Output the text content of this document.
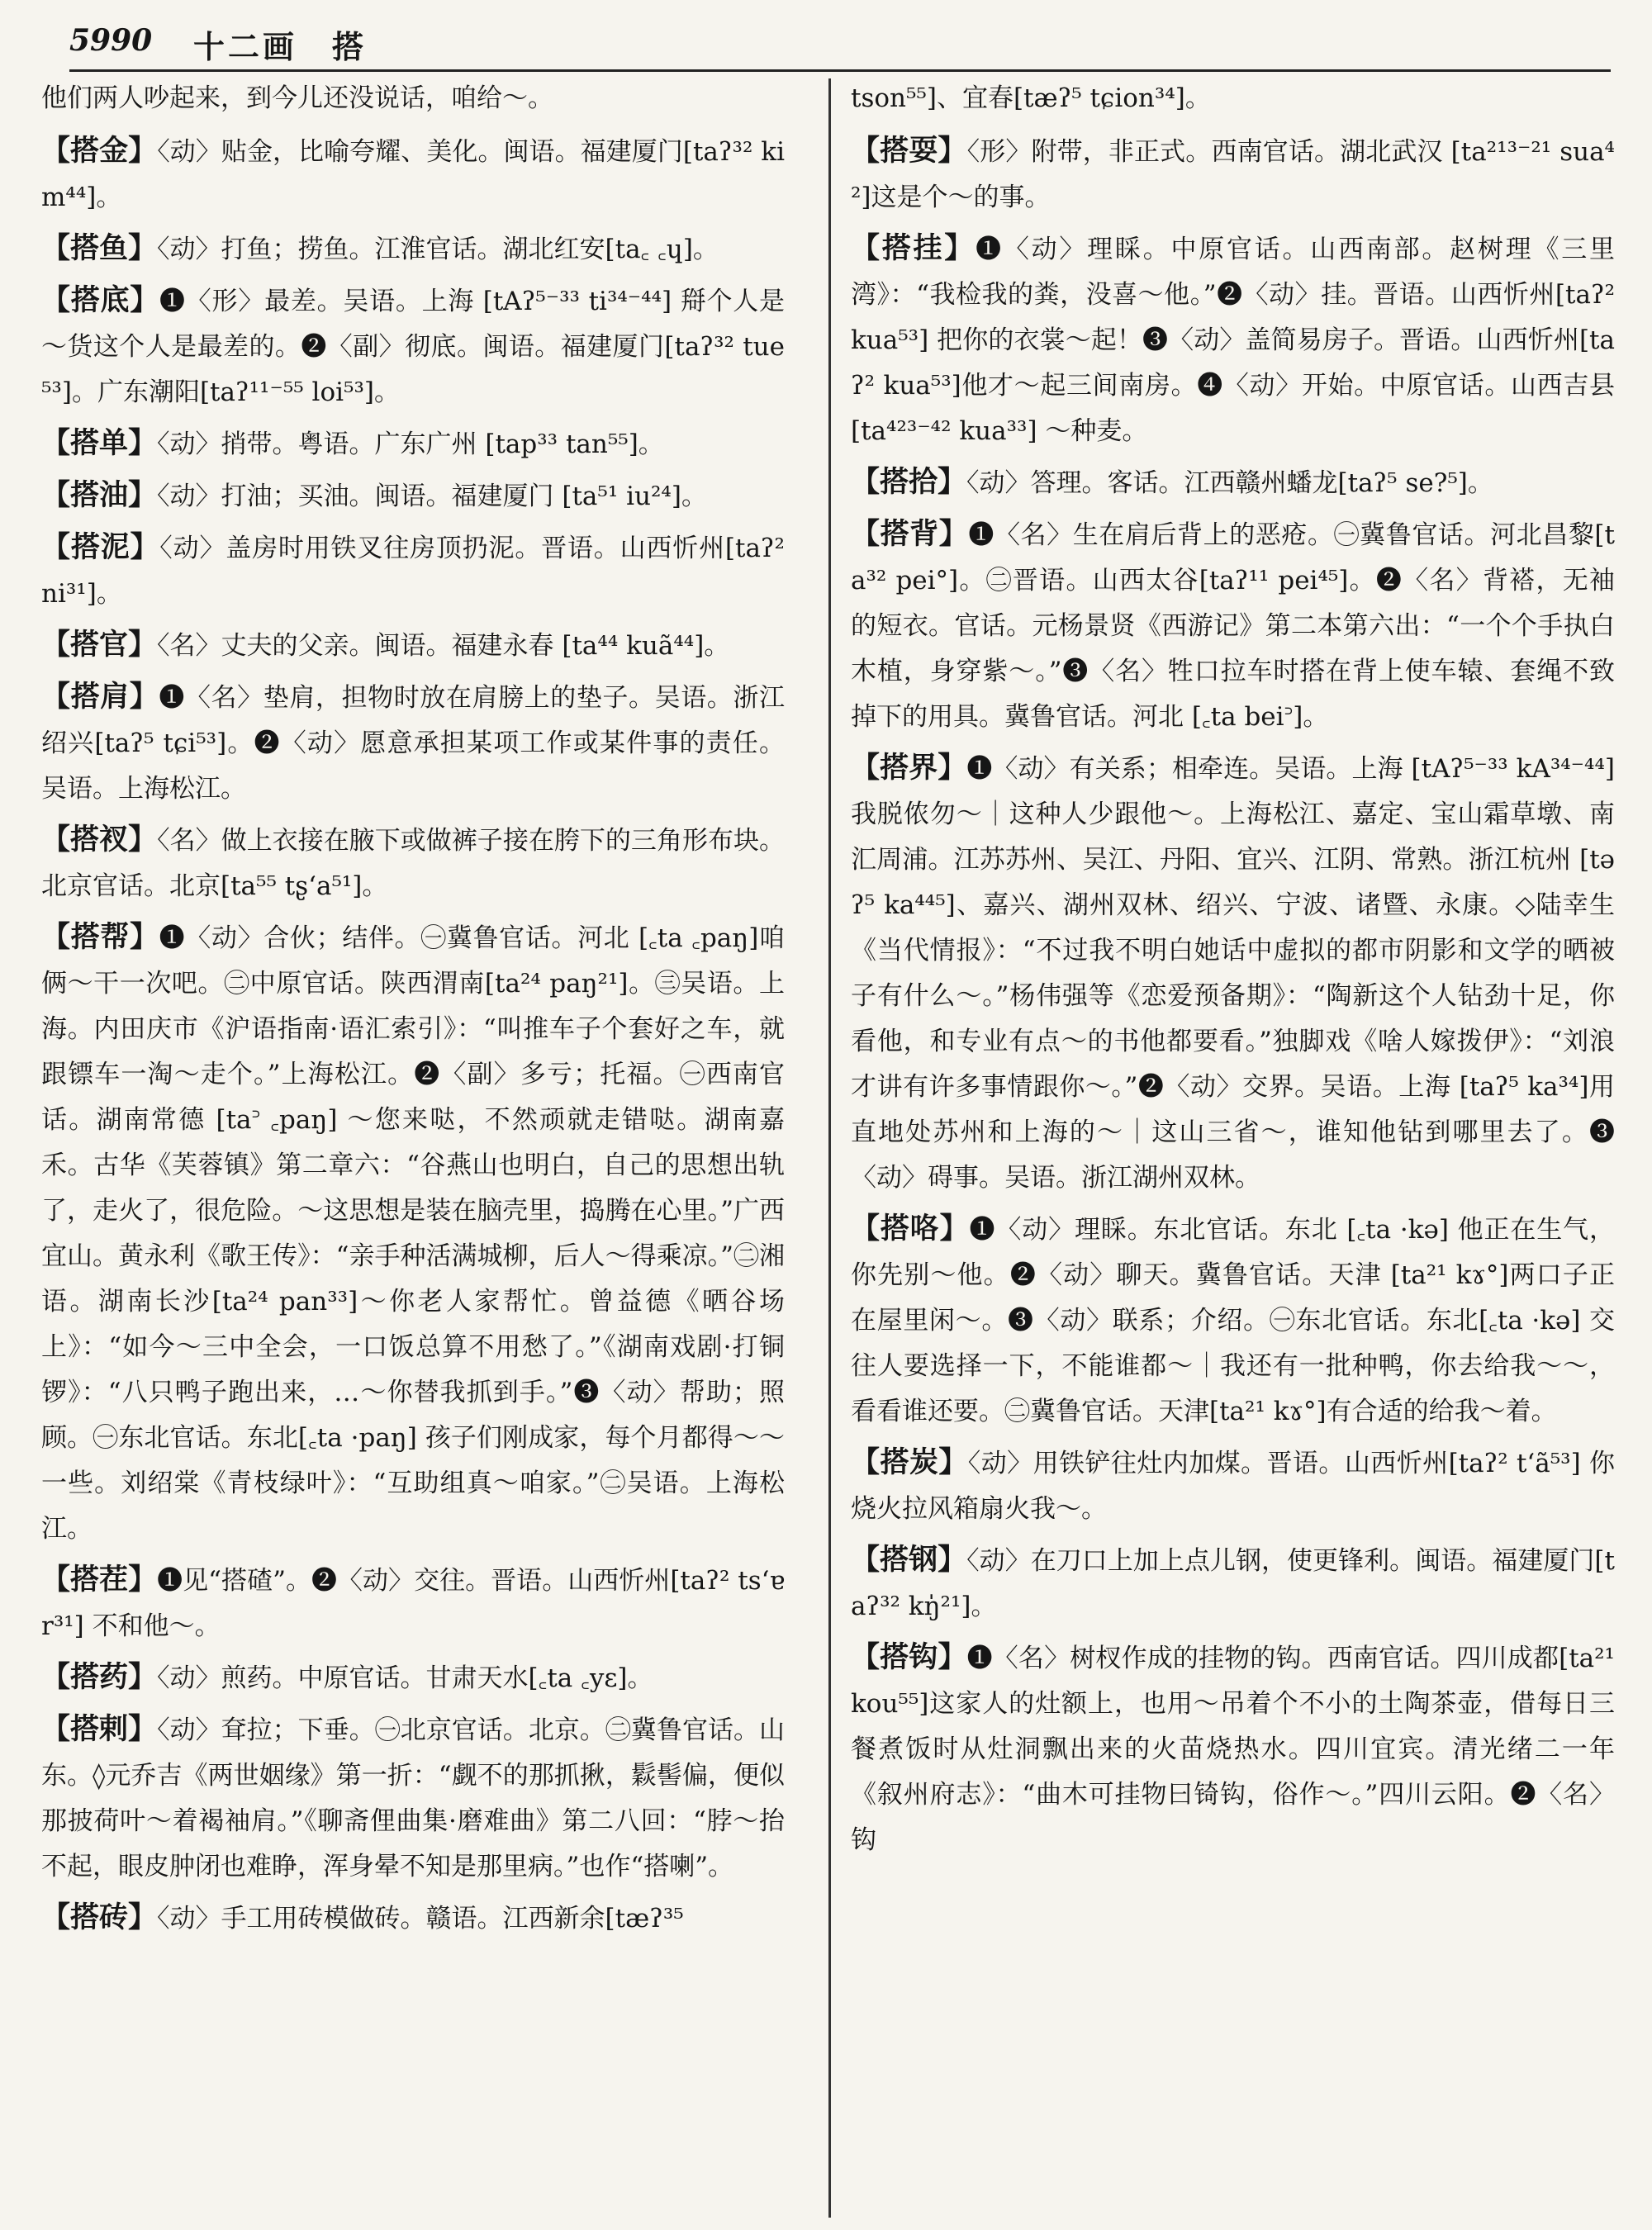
5990 十二画　搭
他们两人吵起来，到今儿还没说话，咱给～。
【搭金】〈动〉贴金，比喻夸耀、美化。闽语。福建厦门[taʔ³² kim⁴⁴]。
【搭鱼】〈动〉打鱼；捞鱼。江淮官话。湖北红安[ta꜀ ꜀ɥ]。
【搭底】❶〈形〉最差。吴语。上海 [tAʔ⁵⁻³³ ti³⁴⁻⁴⁴] 搿个人是～货这个人是最差的。❷〈副〉彻底。闽语。福建厦门[taʔ³² tue⁵³]。广东潮阳[taʔ¹¹⁻⁵⁵ loi⁵³]。
【搭单】〈动〉捎带。粤语。广东广州 [tap³³ tan⁵⁵]。
【搭油】〈动〉打油；买油。闽语。福建厦门 [ta⁵¹ iu²⁴]。
【搭泥】〈动〉盖房时用铁叉往房顶扔泥。晋语。山西忻州[taʔ² ni³¹]。
【搭官】〈名〉丈夫的父亲。闽语。福建永春 [ta⁴⁴ kuã⁴⁴]。
【搭肩】❶〈名〉垫肩，担物时放在肩膀上的垫子。吴语。浙江绍兴[taʔ⁵ tɕi⁵³]。❷〈动〉愿意承担某项工作或某件事的责任。吴语。上海松江。
【搭衩】〈名〉做上衣接在腋下或做裤子接在胯下的三角形布块。北京官话。北京[ta⁵⁵ tʂʻa⁵¹]。
【搭帮】❶〈动〉合伙；结伴。㊀冀鲁官话。河北 [꜀ta ꜀paŋ]咱俩～干一次吧。㊁中原官话。陕西渭南[ta²⁴ paŋ²¹]。㊂吴语。上海。内田庆市《沪语指南·语汇索引》：“叫推车子个套好之车，就跟镖车一淘～走个。”上海松江。❷〈副〉多亏；托福。㊀西南官话。湖南常德 [ta꜄ ꜀paŋ] ～您来哒，不然顽就走错哒。湖南嘉禾。古华《芙蓉镇》第二章六：“谷燕山也明白，自己的思想出轨了，走火了，很危险。～这思想是装在脑壳里，捣腾在心里。”广西宜山。黄永利《歌王传》：“亲手种活满城柳，后人～得乘凉。”㊁湘语。湖南长沙[ta²⁴ pan³³]～你老人家帮忙。曾益德《晒谷场上》：“如今～三中全会，一口饭总算不用愁了。”《湖南戏剧·打铜锣》：“八只鸭子跑出来，…～你替我抓到手。”❸〈动〉帮助；照顾。㊀东北官话。东北[꜀ta ·paŋ] 孩子们刚成家，每个月都得～～一些。刘绍棠《青枝绿叶》：“互助组真～咱家。”㊁吴语。上海松江。
【搭茬】❶见“搭碴”。❷〈动〉交往。晋语。山西忻州[taʔ² tsʻɐr³¹] 不和他～。
【搭药】〈动〉煎药。中原官话。甘肃天水[꜀ta ꜀yɛ]。
【搭剌】〈动〉耷拉；下垂。㊀北京官话。北京。㊁冀鲁官话。山东。◊元乔吉《两世姻缘》第一折：“觑不的那抓揪，鬏髻偏，便似那披荷叶～着褐袖肩。”《聊斋俚曲集·磨难曲》第二八回：“脖～抬不起，眼皮肿闭也难睁，浑身晕不知是那里病。”也作“搭喇”。
【搭砖】〈动〉手工用砖模做砖。赣语。江西新余[tæʔ³⁵
tson⁵⁵]、宜春[tæʔ⁵ tɕion³⁴]。
【搭耍】〈形〉附带，非正式。西南官话。湖北武汉 [ta²¹³⁻²¹ sua⁴²]这是个～的事。
【搭挂】❶〈动〉理睬。中原官话。山西南部。赵树理《三里湾》：“我检我的粪，没喜～他。”❷〈动〉挂。晋语。山西忻州[taʔ² kua⁵³] 把你的衣裳～起！❸〈动〉盖简易房子。晋语。山西忻州[taʔ² kua⁵³]他才～起三间南房。❹〈动〉开始。中原官话。山西吉县 [ta⁴²³⁻⁴² kua³³] ～种麦。
【搭拾】〈动〉答理。客话。江西赣州蟠龙[taʔ⁵ se?⁵]。
【搭背】❶〈名〉生在肩后背上的恶疮。㊀冀鲁官话。河北昌黎[ta³² pei°]。㊁晋语。山西太谷[taʔ¹¹ pei⁴⁵]。❷〈名〉背褡，无袖的短衣。官话。元杨景贤《西游记》第二本第六出：“一个个手执白木植，身穿紫～。”❸〈名〉牲口拉车时搭在背上使车辕、套绳不致掉下的用具。冀鲁官话。河北 [꜀ta bei꜄]。
【搭界】❶〈动〉有关系；相牵连。吴语。上海 [tAʔ⁵⁻³³ kA³⁴⁻⁴⁴] 我脱侬勿～｜这种人少跟他～。上海松江、嘉定、宝山霜草墩、南汇周浦。江苏苏州、吴江、丹阳、宜兴、江阴、常熟。浙江杭州 [təʔ⁵ ka⁴⁴⁵]、嘉兴、湖州双林、绍兴、宁波、诸暨、永康。◇陆幸生《当代情报》：“不过我不明白她话中虚拟的都市阴影和文学的晒被子有什么～。”杨伟强等《恋爱预备期》：“陶新这个人钻劲十足，你看他，和专业有点～的书他都要看。”独脚戏《啥人嫁拨伊》：“刘浪才讲有许多事情跟你～。”❷〈动〉交界。吴语。上海 [taʔ⁵ ka³⁴]用直地处苏州和上海的～｜这山三省～，谁知他钻到哪里去了。❸〈动〉碍事。吴语。浙江湖州双林。
【搭咯】❶〈动〉理睬。东北官话。东北 [꜀ta ·kə] 他正在生气，你先别～他。❷〈动〉聊天。冀鲁官话。天津 [ta²¹ kɤ°]两口子正在屋里闲～。❸〈动〉联系；介绍。㊀东北官话。东北[꜀ta ·kə] 交往人要选择一下，不能谁都～｜我还有一批种鸭，你去给我～～，看看谁还要。㊁冀鲁官话。天津[ta²¹ kɤ°]有合适的给我～着。
【搭炭】〈动〉用铁铲往灶内加煤。晋语。山西忻州[taʔ² tʻã⁵³] 你烧火拉风箱扇火我～。
【搭钢】〈动〉在刀口上加上点儿钢，使更锋利。闽语。福建厦门[taʔ³² kŋ̍²¹]。
【搭钩】❶〈名〉树杈作成的挂物的钩。西南官话。四川成都[ta²¹ kou⁵⁵]这家人的灶额上，也用～吊着个不小的土陶茶壶，借每日三餐煮饭时从灶洞飘出来的火苗烧热水。四川宜宾。清光绪二一年《叙州府志》：“曲木可挂物曰锜钩，俗作～。”四川云阳。❷〈名〉钩
